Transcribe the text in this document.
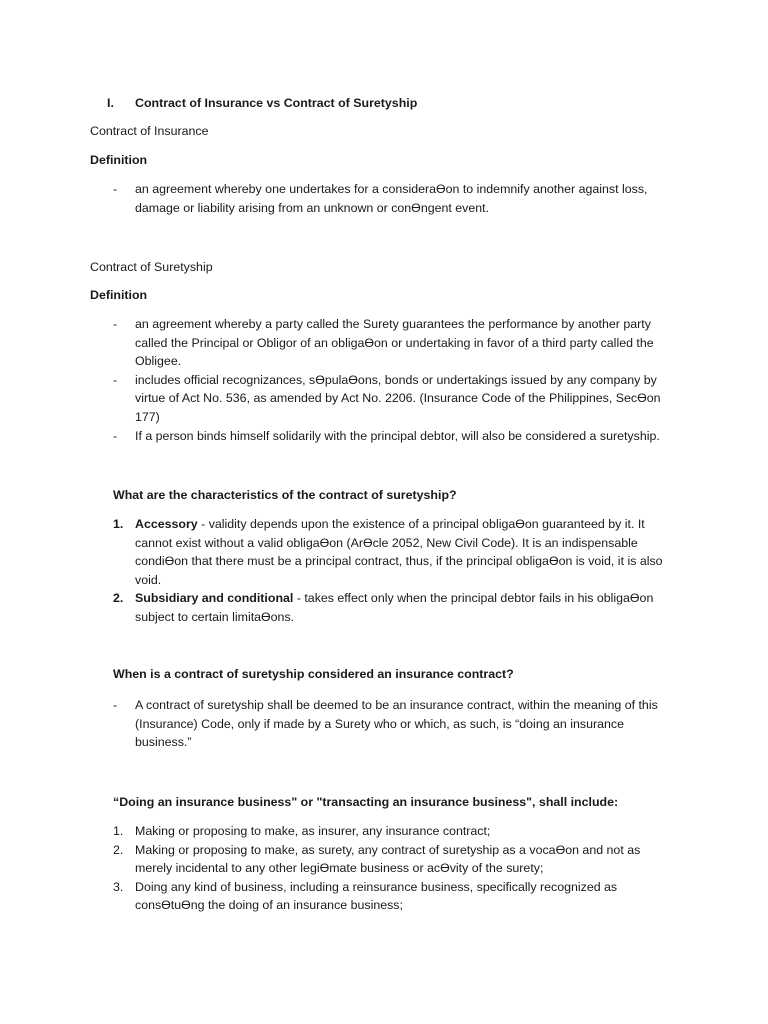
I. Contract of Insurance vs Contract of Suretyship
Contract of Insurance
Definition
- an agreement whereby one undertakes for a consideraƟon to indemnify another against loss,
damage or liability arising from an unknown or conƟngent event.
Contract of Suretyship
Definition
- an agreement whereby a party called the Surety guarantees the performance by another party
called the Principal or Obligor of an obligaƟon or undertaking in favor of a third party called the
Obligee.
- includes official recognizances, sƟpulaƟons, bonds or undertakings issued by any company by
virtue of Act No. 536, as amended by Act No. 2206. (Insurance Code of the Philippines, SecƟon
177)
- If a person binds himself solidarily with the principal debtor, will also be considered a suretyship.
What are the characteristics of the contract of suretyship?
1. Accessory - validity depends upon the existence of a principal obligaƟon guaranteed by it. It
cannot exist without a valid obligaƟon (ArƟcle 2052, New Civil Code). It is an indispensable
condiƟon that there must be a principal contract, thus, if the principal obligaƟon is void, it is also
void.
2. Subsidiary and conditional - takes effect only when the principal debtor fails in his obligaƟon
subject to certain limitaƟons.
When is a contract of suretyship considered an insurance contract?
- A contract of suretyship shall be deemed to be an insurance contract, within the meaning of this
(Insurance) Code, only if made by a Surety who or which, as such, is “doing an insurance
business.”
“Doing an insurance business" or "transacting an insurance business", shall include:
1. Making or proposing to make, as insurer, any insurance contract;
2. Making or proposing to make, as surety, any contract of suretyship as a vocaƟon and not as
merely incidental to any other legiƟmate business or acƟvity of the surety;
3. Doing any kind of business, including a reinsurance business, specifically recognized as
consƟtuƟng the doing of an insurance business;
